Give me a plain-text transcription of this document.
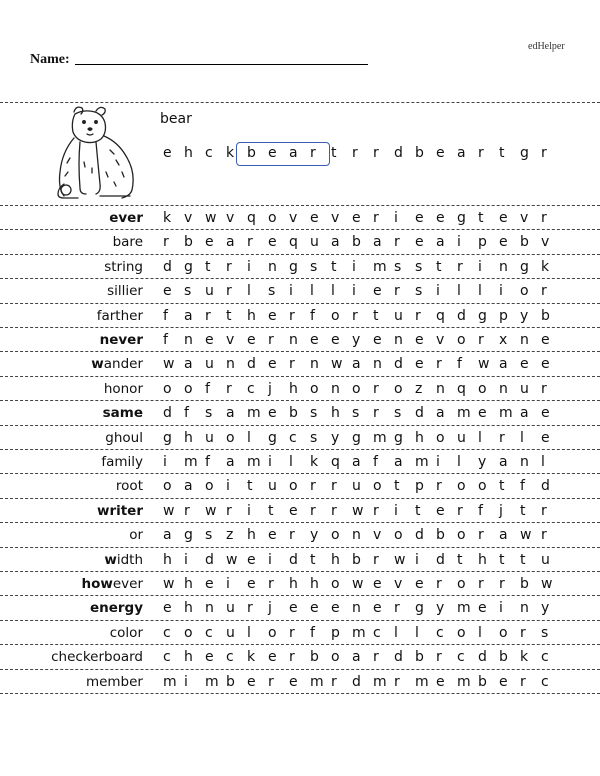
edHelper
Name:
bear
e h c k b e a r	t	r	r	d b e a r	t	g r
ever k v w v q o v e v e r	i	e e g t	e v r
bare r	b e a r	e q u a b a r	e a i	p e b v
string d g t	r	i	n g s t	i	m s s t	r	i	n g k
sillier e s u r	l	s i	l	l	i	e r	s i	l	l	i	o r
farther f	a r	t	h e r	f	o r	t	u r	q d g p y b
never f	n e v e r	n e e y e n e v o r	x n e
wander w a u n d e r	n w a n d e r	f	w a e e
honor o o f	r	c j	h o n o r	o z n q o n u r
same d f	s a m e b s h s r	s d a m e m a e
ghoul g h u o l	g c s y g m g h o u l	r	l	e
family i	m f	a m i	l	k q a f	a m i	l	y a n l
root o a o i	t	u o r	r	u o t	p r	o o t	f	d
writer w r	w r	i	t	e r	r	w r	i	t	e r	f	j	t	r
or a g s z h e r	y o n v o d b o r	a w r
width h i	d w e i	d t	h b r	w i	d t	h t	t	u
however w h e i	e r	h h o w e v e r	o r	r	b w
energy e h n u r	j	e e e n e r	g y m e i	n y
color c o c u l	o r	f	p m c l	l	c o l	o r	s
checkerboard c h e c k e r	b o a r	d b r	c d b k c
member m i	m b e r	e m r	d m r	m e m b e r	c
